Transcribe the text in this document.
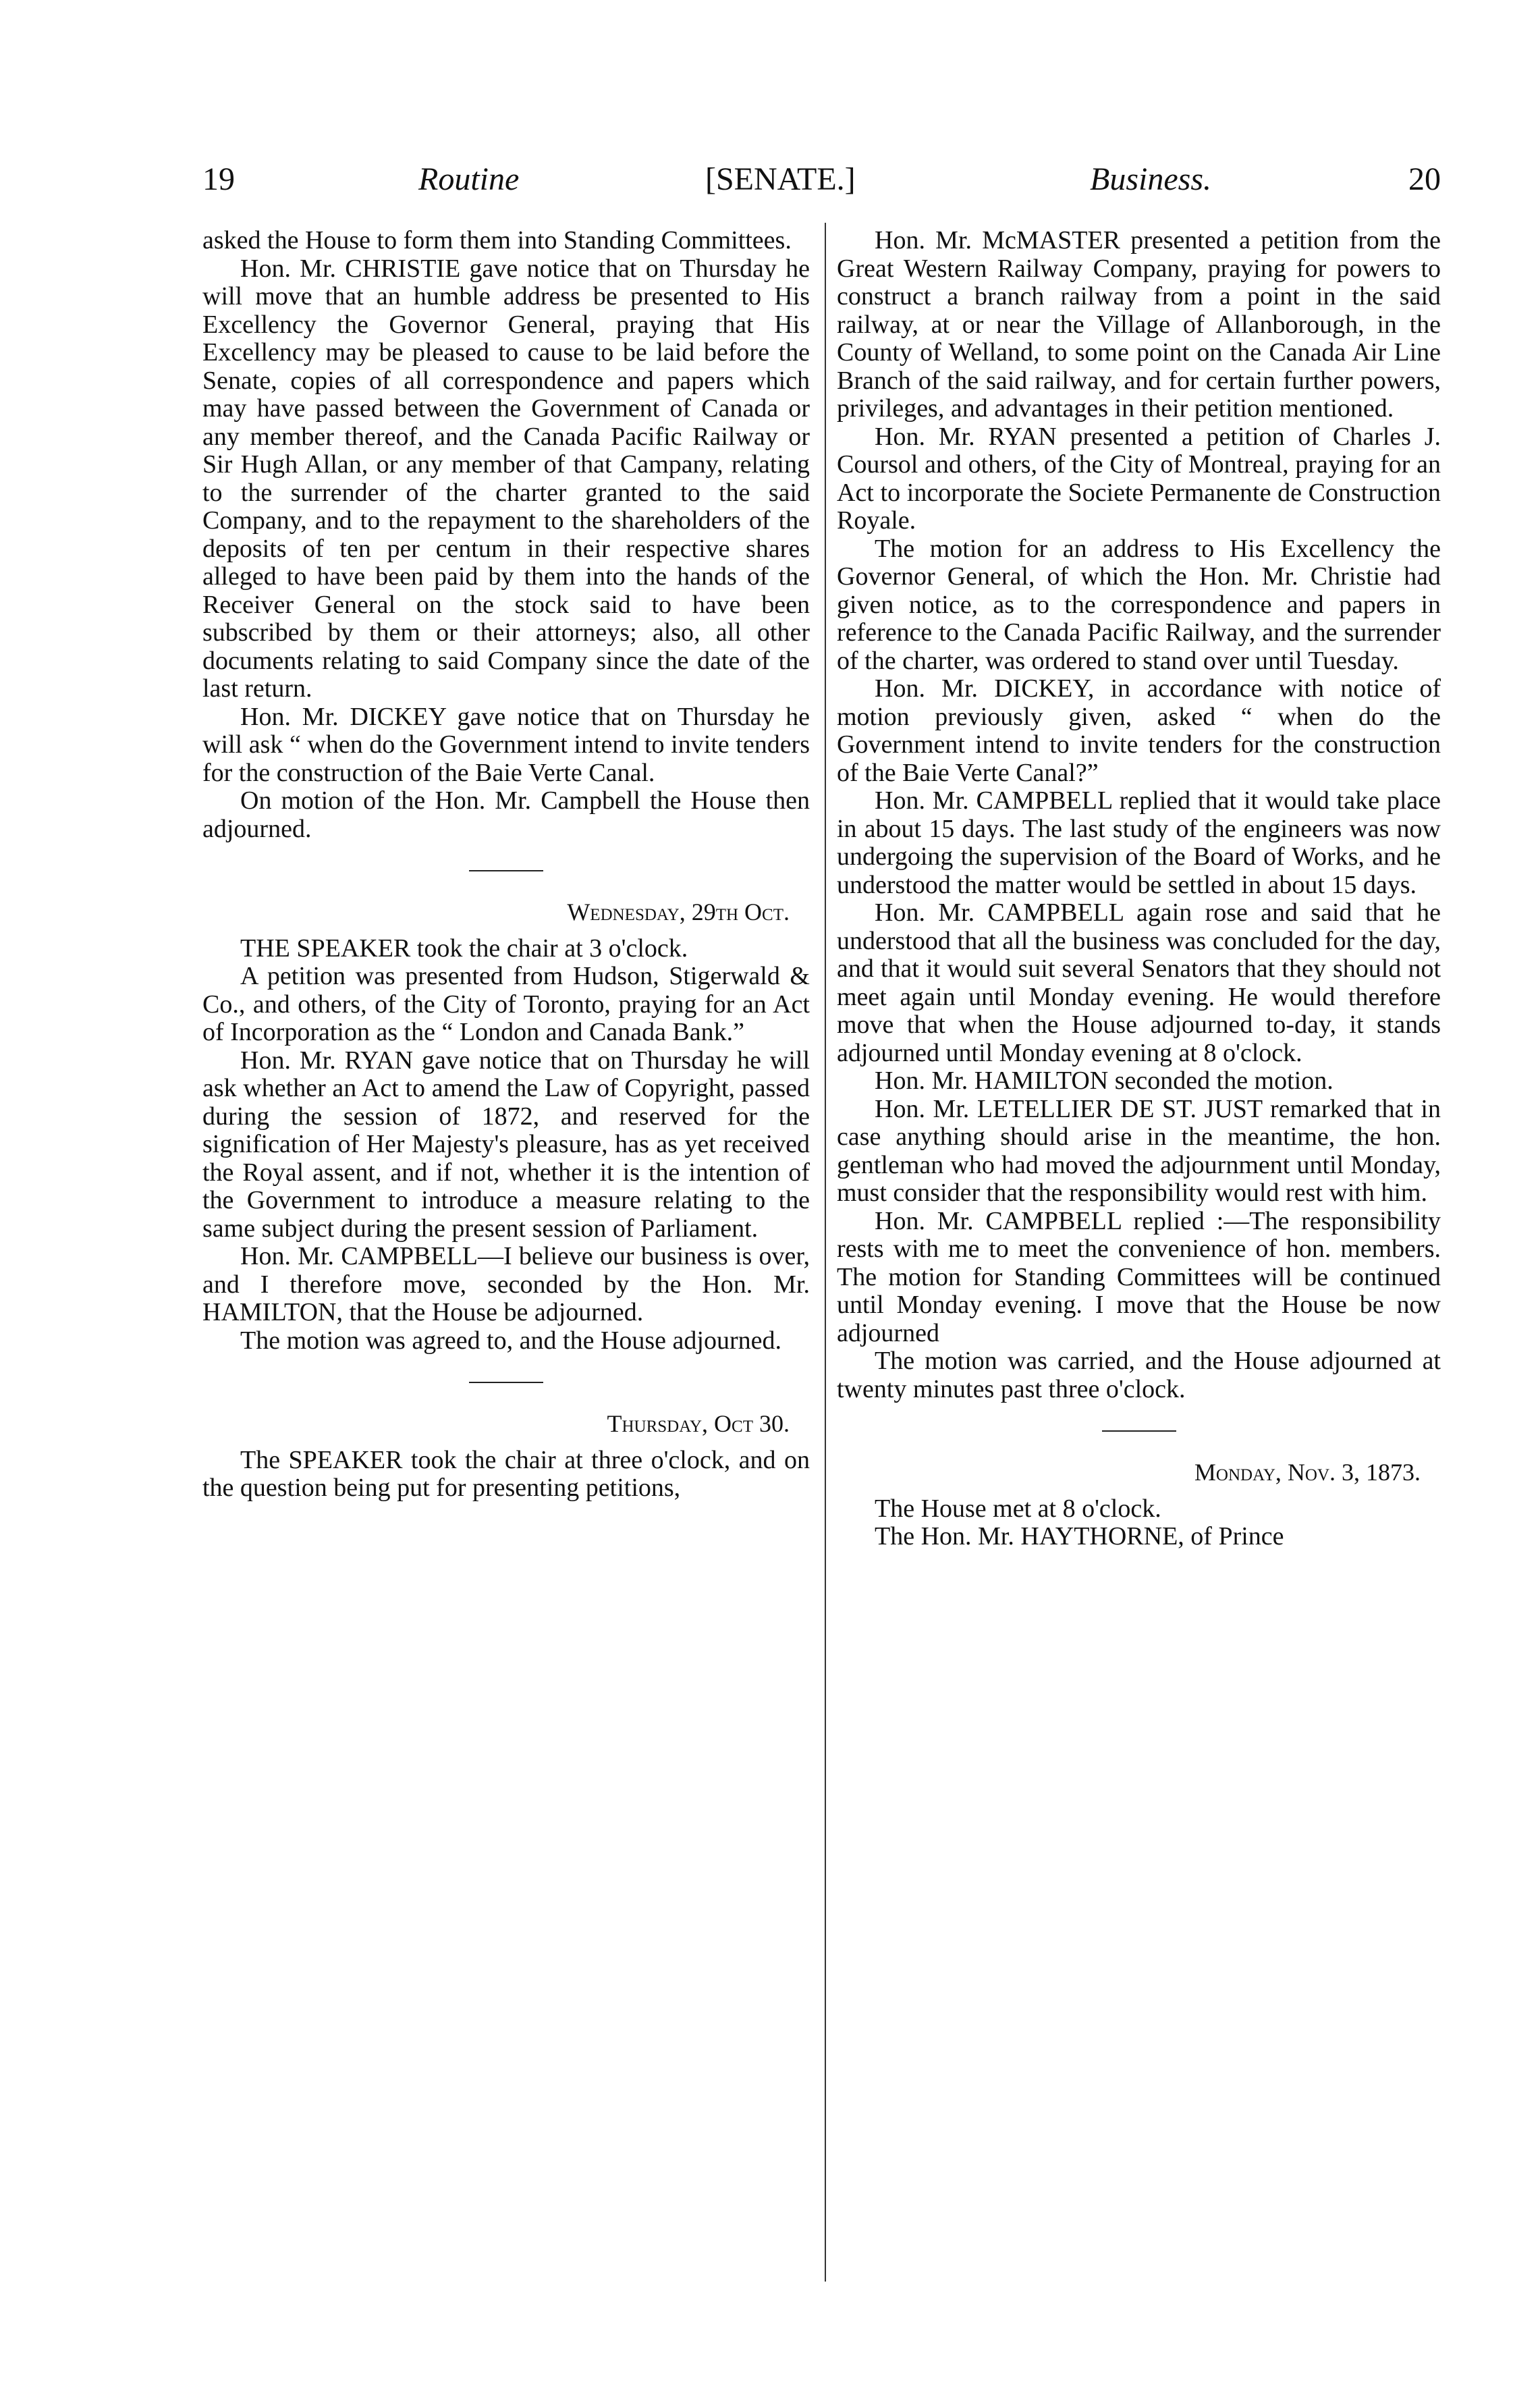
19	Routine	[SENATE.]	Business.	20

asked the House to form them into Standing Committees.

Hon. Mr. CHRISTIE gave notice that on Thursday he will move that an humble address be presented to His Excellency the Governor General, praying that His Excellency may be pleased to cause to be laid before the Senate, copies of all correspondence and papers which may have passed between the Government of Canada or any member thereof, and the Canada Pacific Railway or Sir Hugh Allan, or any member of that Campany, relating to the surrender of the charter granted to the said Company, and to the repayment to the shareholders of the deposits of ten per centum in their respective shares alleged to have been paid by them into the hands of the Receiver General on the stock said to have been subscribed by them or their attorneys; also, all other documents relating to said Company since the date of the last return.

Hon. Mr. DICKEY gave notice that on Thursday he will ask “ when do the Government intend to invite tenders for the construction of the Baie Verte Canal.

On motion of the Hon. Mr. Campbell the House then adjourned.

Wednesday, 29th Oct.

THE SPEAKER took the chair at 3 o'clock.

A petition was presented from Hudson, Stigerwald & Co., and others, of the City of Toronto, praying for an Act of Incorporation as the “ London and Canada Bank.”

Hon. Mr. RYAN gave notice that on Thursday he will ask whether an Act to amend the Law of Copyright, passed during the session of 1872, and reserved for the signification of Her Majesty's pleasure, has as yet received the Royal assent, and if not, whether it is the intention of the Government to introduce a measure relating to the same subject during the present session of Parliament.

Hon. Mr. CAMPBELL—I believe our business is over, and I therefore move, seconded by the Hon. Mr. HAMILTON, that the House be adjourned.

The motion was agreed to, and the House adjourned.

Thursday, Oct 30.

The SPEAKER took the chair at three o'clock, and on the question being put for presenting petitions,

Hon. Mr. McMASTER presented a petition from the Great Western Railway Company, praying for powers to construct a branch railway from a point in the said railway, at or near the Village of Allanborough, in the County of Welland, to some point on the Canada Air Line Branch of the said railway, and for certain further powers, privileges, and advantages in their petition mentioned.

Hon. Mr. RYAN presented a petition of Charles J. Coursol and others, of the City of Montreal, praying for an Act to incorporate the Societe Permanente de Construction Royale.

The motion for an address to His Excellency the Governor General, of which the Hon. Mr. Christie had given notice, as to the correspondence and papers in reference to the Canada Pacific Railway, and the surrender of the charter, was ordered to stand over until Tuesday.

Hon. Mr. DICKEY, in accordance with notice of motion previously given, asked “ when do the Government intend to invite tenders for the construction of the Baie Verte Canal?”

Hon. Mr. CAMPBELL replied that it would take place in about 15 days. The last study of the engineers was now undergoing the supervision of the Board of Works, and he understood the matter would be settled in about 15 days.

Hon. Mr. CAMPBELL again rose and said that he understood that all the business was concluded for the day, and that it would suit several Senators that they should not meet again until Monday evening. He would therefore move that when the House adjourned to-day, it stands adjourned until Monday evening at 8 o'clock.

Hon. Mr. HAMILTON seconded the motion.

Hon. Mr. LETELLIER DE ST. JUST remarked that in case anything should arise in the meantime, the hon. gentleman who had moved the adjournment until Monday, must consider that the responsibility would rest with him.

Hon. Mr. CAMPBELL replied :—The responsibility rests with me to meet the convenience of hon. members. The motion for Standing Committees will be continued until Monday evening. I move that the House be now adjourned

The motion was carried, and the House adjourned at twenty minutes past three o'clock.

Monday, Nov. 3, 1873.

The House met at 8 o'clock.

The Hon. Mr. HAYTHORNE, of Prince
